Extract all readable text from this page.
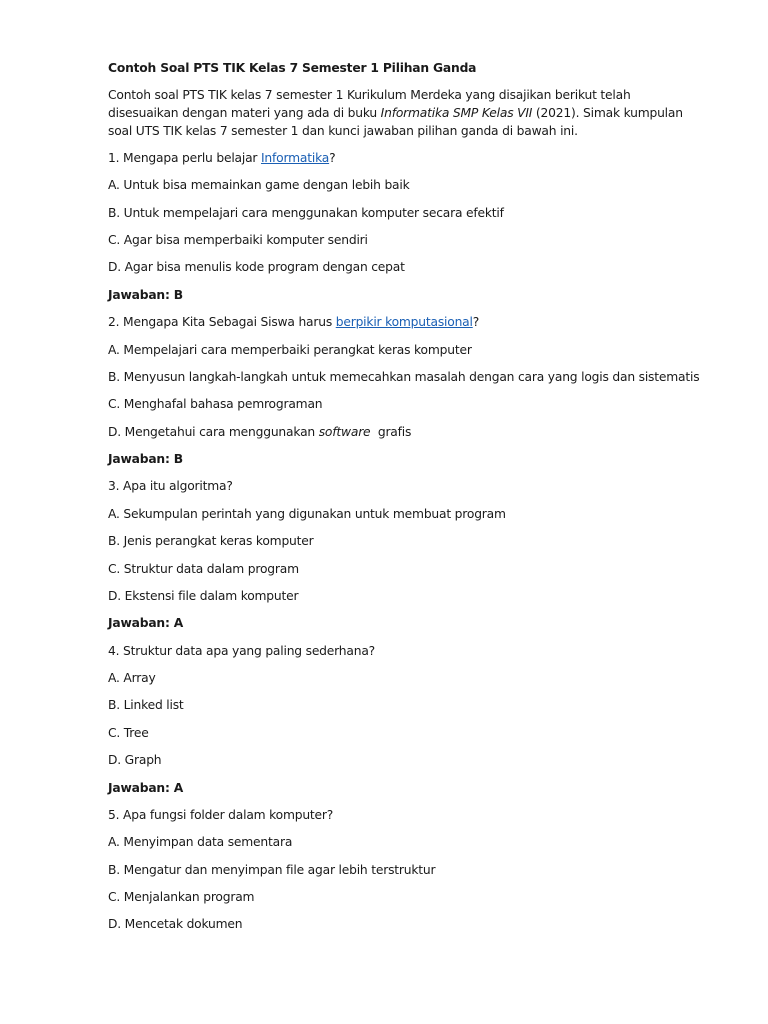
Contoh Soal PTS TIK Kelas 7 Semester 1 Pilihan Ganda
Contoh soal PTS TIK kelas 7 semester 1 Kurikulum Merdeka yang disajikan berikut telah
disesuaikan dengan materi yang ada di buku Informatika SMP Kelas VII (2021). Simak kumpulan
soal UTS TIK kelas 7 semester 1 dan kunci jawaban pilihan ganda di bawah ini.
1. Mengapa perlu belajar Informatika?
A. Untuk bisa memainkan game dengan lebih baik
B. Untuk mempelajari cara menggunakan komputer secara efektif
C. Agar bisa memperbaiki komputer sendiri
D. Agar bisa menulis kode program dengan cepat
Jawaban: B
2. Mengapa Kita Sebagai Siswa harus berpikir komputasional?
A. Mempelajari cara memperbaiki perangkat keras komputer
B. Menyusun langkah-langkah untuk memecahkan masalah dengan cara yang logis dan sistematis
C. Menghafal bahasa pemrograman
D. Mengetahui cara menggunakan software  grafis
Jawaban: B
3. Apa itu algoritma?
A. Sekumpulan perintah yang digunakan untuk membuat program
B. Jenis perangkat keras komputer
C. Struktur data dalam program
D. Ekstensi file dalam komputer
Jawaban: A
4. Struktur data apa yang paling sederhana?
A. Array
B. Linked list
C. Tree
D. Graph
Jawaban: A
5. Apa fungsi folder dalam komputer?
A. Menyimpan data sementara
B. Mengatur dan menyimpan file agar lebih terstruktur
C. Menjalankan program
D. Mencetak dokumen
